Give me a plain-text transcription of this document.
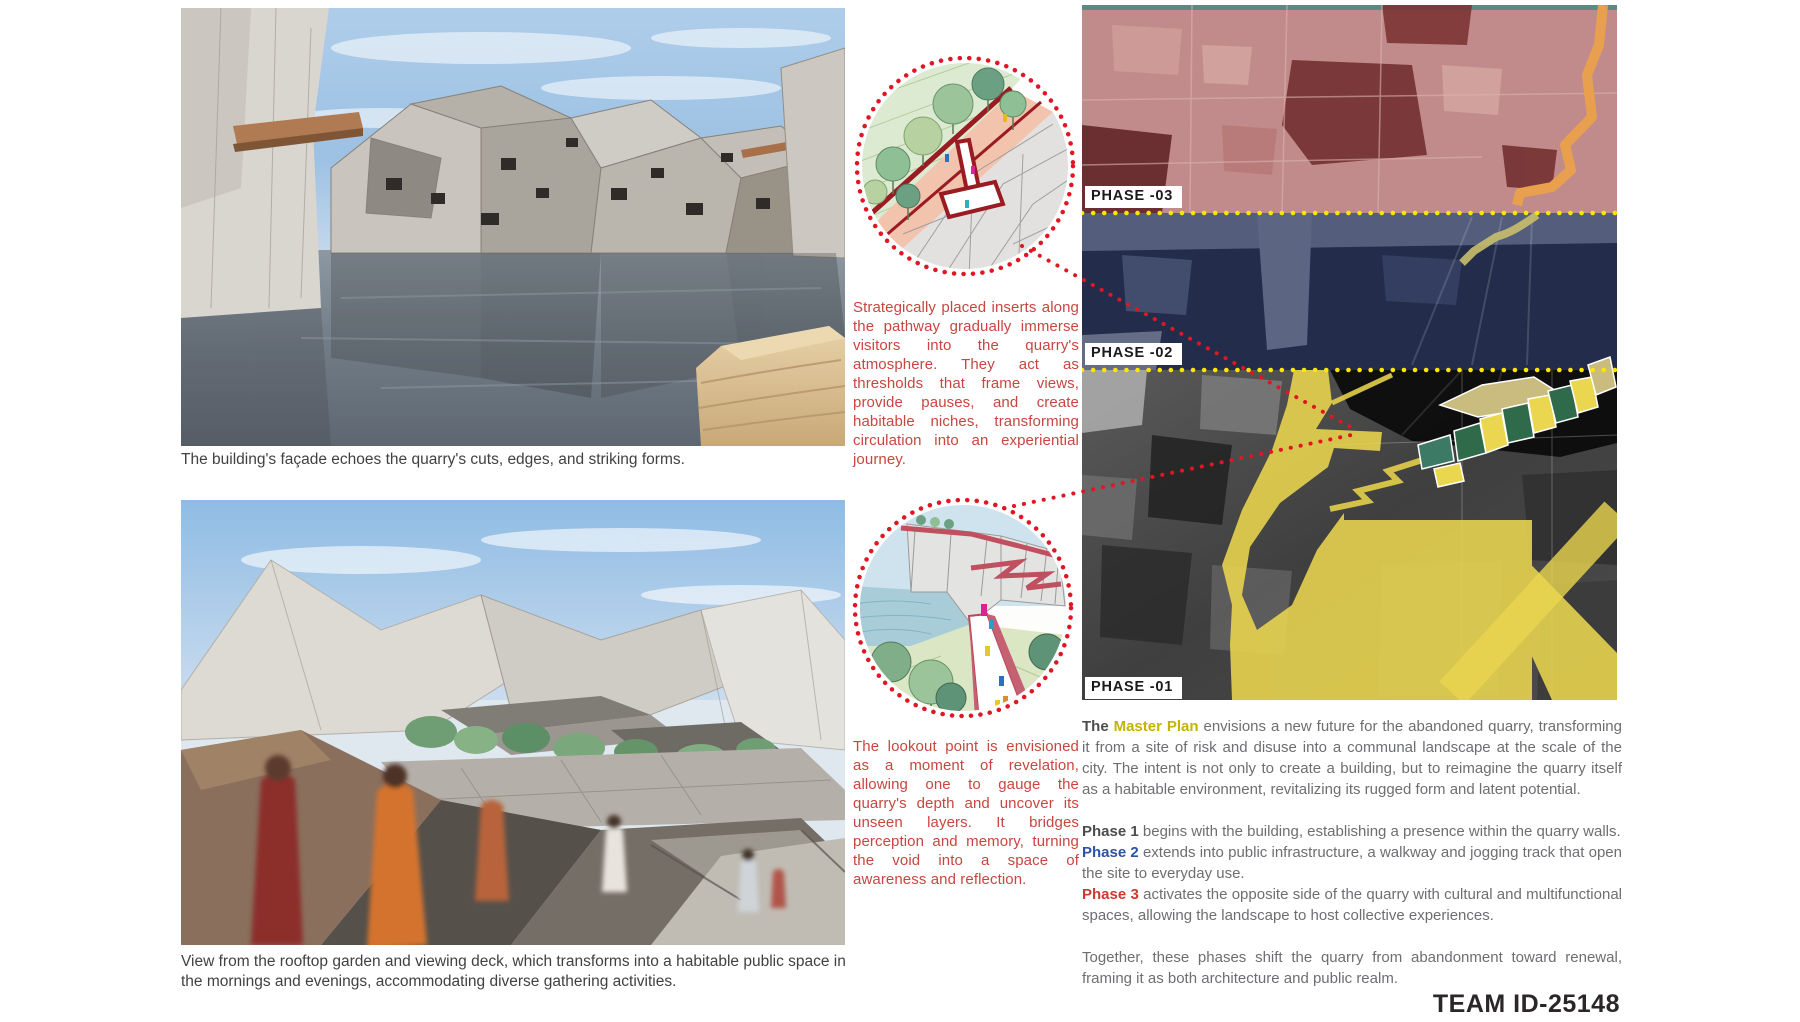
The building's façade echoes the quarry's cuts, edges, and striking forms.
View from the rooftop garden and viewing deck, which transforms into a habitable public space in the mornings and evenings, accommodating diverse gathering activities.

Strategically placed inserts along the pathway gradually immerse visitors into the quarry's atmosphere. They act as thresholds that frame views, provide pauses, and create habitable niches, transforming circulation into an experiential journey.

The lookout point is envisioned as a moment of revelation, allowing one to gauge the quarry's depth and uncover its unseen layers. It bridges perception and memory, turning the void into a space of awareness and reflection.

PHASE -03
PHASE -02
PHASE -01

The Master Plan envisions a new future for the abandoned quarry, transforming it from a site of risk and disuse into a communal landscape at the scale of the city. The intent is not only to create a building, but to reimagine the quarry itself as a habitable environment, revitalizing its rugged form and latent potential.

Phase 1 begins with the building, establishing a presence within the quarry walls.

Phase 2 extends into public infrastructure, a walkway and jogging track that open the site to everyday use.

Phase 3 activates the opposite side of the quarry with cultural and multifunctional spaces, allowing the landscape to host collective experiences.

Together, these phases shift the quarry from abandonment toward renewal, framing it as both architecture and public realm.

TEAM ID-25148
